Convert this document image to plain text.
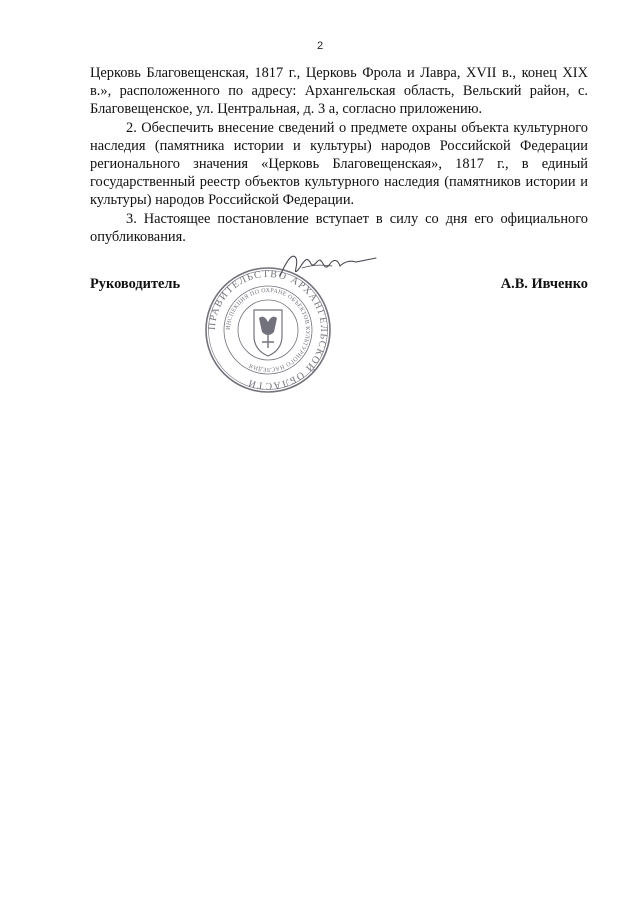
2

Церковь Благовещенская, 1817 г., Церковь Фрола и Лавра, XVII в., конец XIX в.», расположенного по адресу: Архангельская область, Вельский район, с. Благовещенское, ул. Центральная, д. 3 а, согласно приложению.

2. Обеспечить внесение сведений о предмете охраны объекта культурного наследия (памятника истории и культуры) народов Российской Федерации регионального значения «Церковь Благовещенская», 1817 г., в единый государственный реестр объектов культурного наследия (памятников истории и культуры) народов Российской Федерации.

3. Настоящее постановление вступает в силу со дня его официального опубликования.

Руководитель	А.В. Ивченко
ПРАВИТЕЛЬСТВО АРХАНГЕЛЬСКОЙ ОБЛАСТИ
ИНСПЕКЦИЯ ПО ОХРАНЕ ОБЪЕКТОВ КУЛЬТУРНОГО НАСЛЕДИЯ
